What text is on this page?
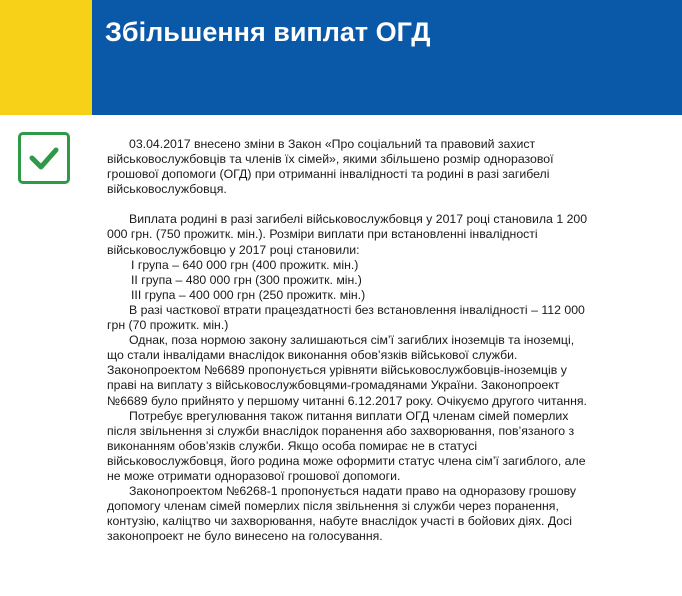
Збільшення виплат ОГД

03.04.2017 внесено зміни в Закон «Про соціальний та правовий захист військовослужбовців та членів їх сімей», якими збільшено розмір одноразової грошової допомоги (ОГД) при отриманні інвалідності та родині в разі загибелі військовослужбовця.

Виплата родині в разі загибелі військовослужбовця у 2017 році становила 1 200 000 грн. (750 прожитк. мін.). Розміри виплати при встановленні інвалідності військовослужбовцю у 2017 році становили:

I група – 640 000 грн (400 прожитк. мін.)

II група – 480 000 грн (300 прожитк. мін.)

III група – 400 000 грн (250 прожитк. мін.)

В разі часткової втрати працездатності без встановлення інвалідності – 112 000 грн (70 прожитк. мін.)

Однак, поза нормою закону залишаються сім’ї загиблих іноземців та іноземці, що стали інвалідами внаслідок виконання обов’язків військової служби. Законопроектом №6689 пропонується урівняти військовослужбовців-іноземців у праві на виплату з військовослужбовцями-громадянами України. Законопроект №6689 було прийнято у першому читанні 6.12.2017 року. Очікуємо другого читання.

Потребує врегулювання також питання виплати ОГД членам сімей померлих після звільнення зі служби внаслідок поранення або захворювання, пов’язаного з виконанням обов’язків служби. Якщо особа помирає не в статусі військовослужбовця, його родина може оформити статус члена сім’ї загиблого, але не може отримати одноразової грошової допомоги.

Законопроектом №6268-1 пропонується надати право на одноразову грошову допомогу членам сімей померлих після звільнення зі служби через поранення, контузію, каліцтво чи захворювання, набуте внаслідок участі в бойових діях. Досі законопроект не було винесено на голосування.
